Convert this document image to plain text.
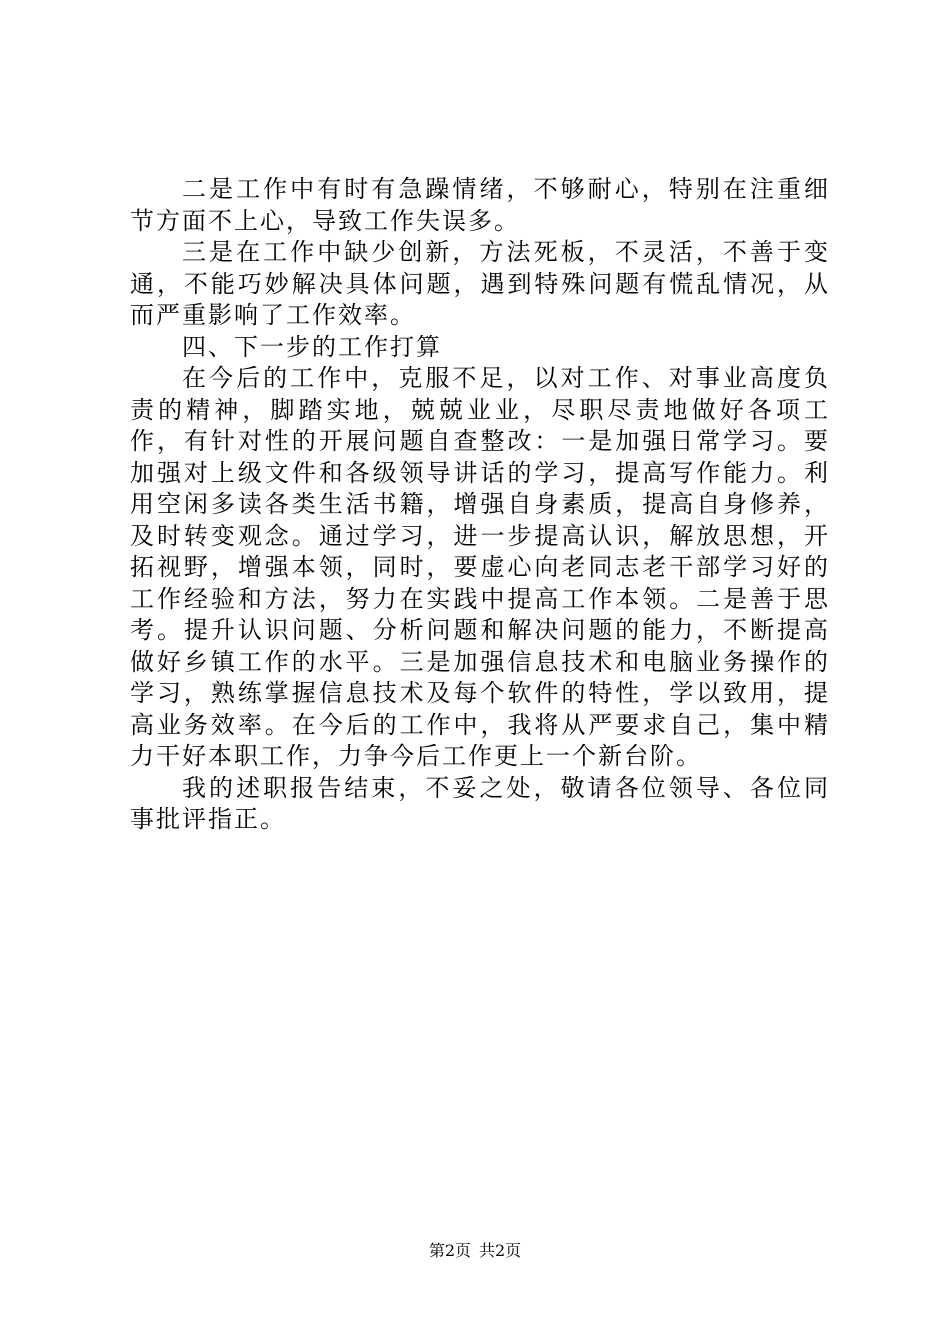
二是工作中有时有急躁情绪，不够耐心，特别在注重细节方面不上心，导致工作失误多。

三是在工作中缺少创新，方法死板，不灵活，不善于变通，不能巧妙解决具体问题，遇到特殊问题有慌乱情况，从而严重影响了工作效率。

四、下一步的工作打算

在今后的工作中，克服不足，以对工作、对事业高度负责的精神，脚踏实地，兢兢业业，尽职尽责地做好各项工作，有针对性的开展问题自查整改：一是加强日常学习。要加强对上级文件和各级领导讲话的学习，提高写作能力。利用空闲多读各类生活书籍，增强自身素质，提高自身修养，及时转变观念。通过学习，进一步提高认识，解放思想，开拓视野，增强本领，同时，要虚心向老同志老干部学习好的工作经验和方法，努力在实践中提高工作本领。二是善于思考。提升认识问题、分析问题和解决问题的能力，不断提高做好乡镇工作的水平。三是加强信息技术和电脑业务操作的学习，熟练掌握信息技术及每个软件的特性，学以致用，提高业务效率。在今后的工作中，我将从严要求自己，集中精力干好本职工作，力争今后工作更上一个新台阶。

我的述职报告结束，不妥之处，敬请各位领导、各位同事批评指正。

第2页 共2页
